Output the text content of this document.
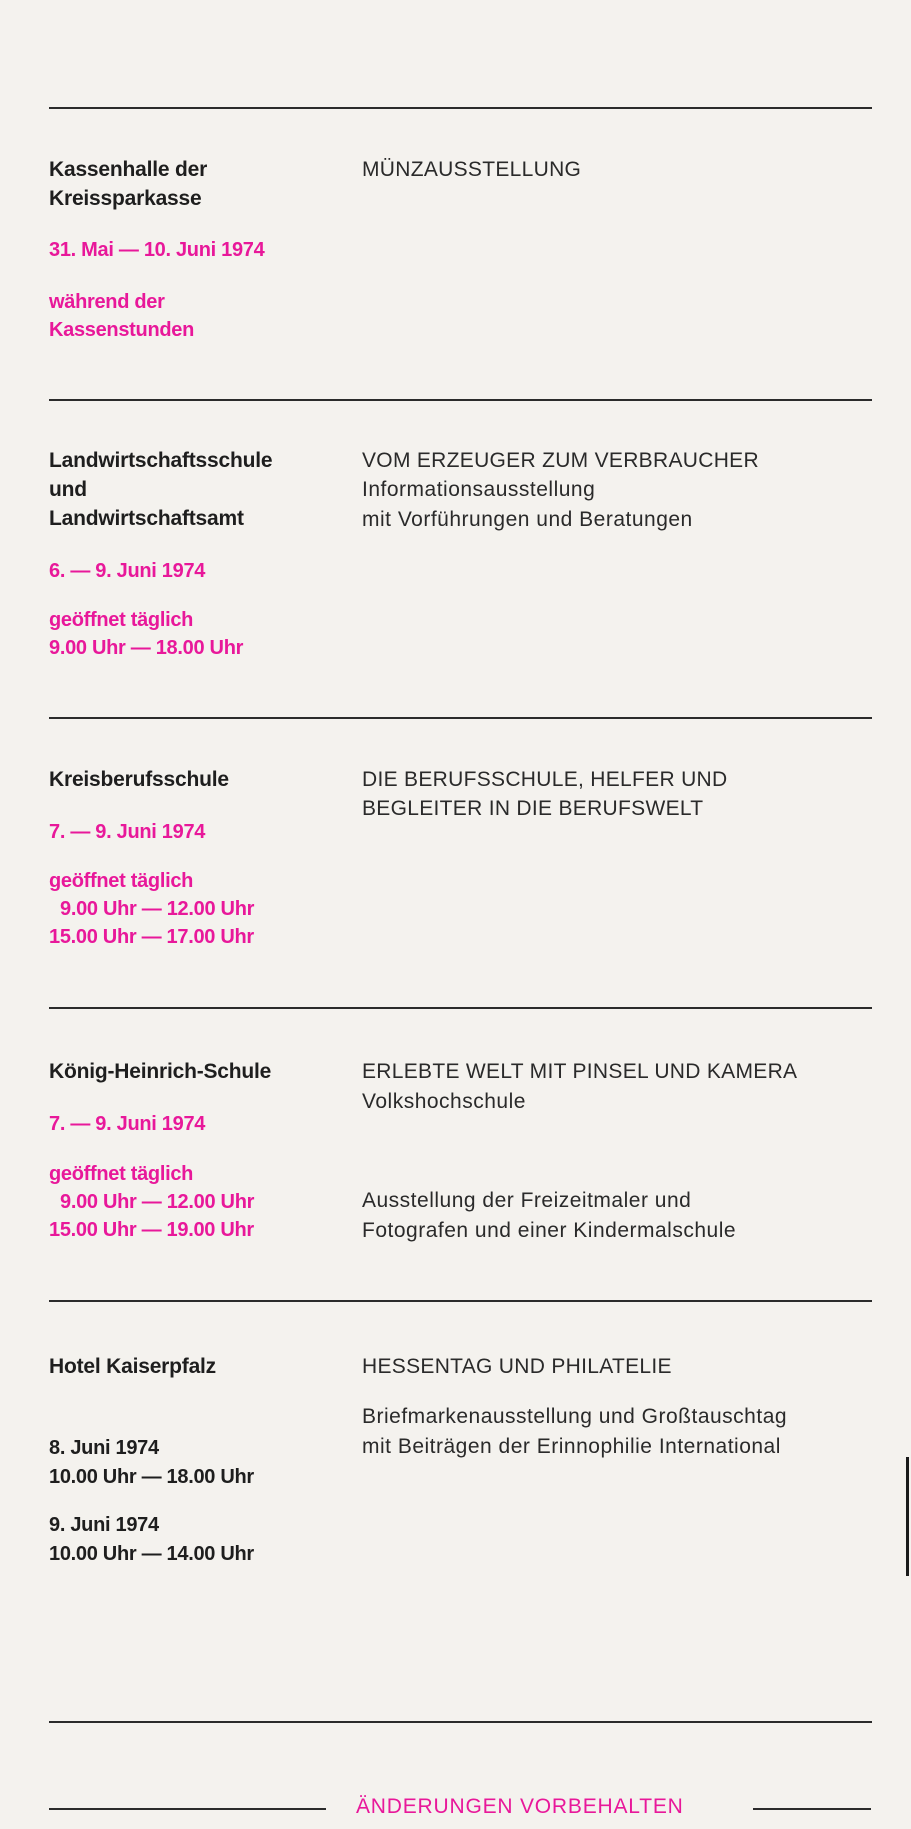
Kassenhalle der
Kreissparkasse
31. Mai — 10. Juni 1974
während der
Kassenstunden
MÜNZAUSSTELLUNG
Landwirtschaftsschule
und
Landwirtschaftsamt
6. — 9. Juni 1974
geöffnet täglich
9.00 Uhr — 18.00 Uhr
VOM ERZEUGER ZUM VERBRAUCHER
Informationsausstellung
mit Vorführungen und Beratungen
Kreisberufsschule
7. — 9. Juni 1974
geöffnet täglich
9.00 Uhr — 12.00 Uhr
15.00 Uhr — 17.00 Uhr
DIE BERUFSSCHULE, HELFER UND
BEGLEITER IN DIE BERUFSWELT
König-Heinrich-Schule
7. — 9. Juni 1974
geöffnet täglich
9.00 Uhr — 12.00 Uhr
15.00 Uhr — 19.00 Uhr
ERLEBTE WELT MIT PINSEL UND KAMERA
Volkshochschule
Ausstellung der Freizeitmaler und
Fotografen und einer Kindermalschule
Hotel Kaiserpfalz
8. Juni 1974
10.00 Uhr — 18.00 Uhr
9. Juni 1974
10.00 Uhr — 14.00 Uhr
HESSENTAG UND PHILATELIE
Briefmarkenausstellung und Großtauschtag
mit Beiträgen der Erinnophilie International
ÄNDERUNGEN VORBEHALTEN
